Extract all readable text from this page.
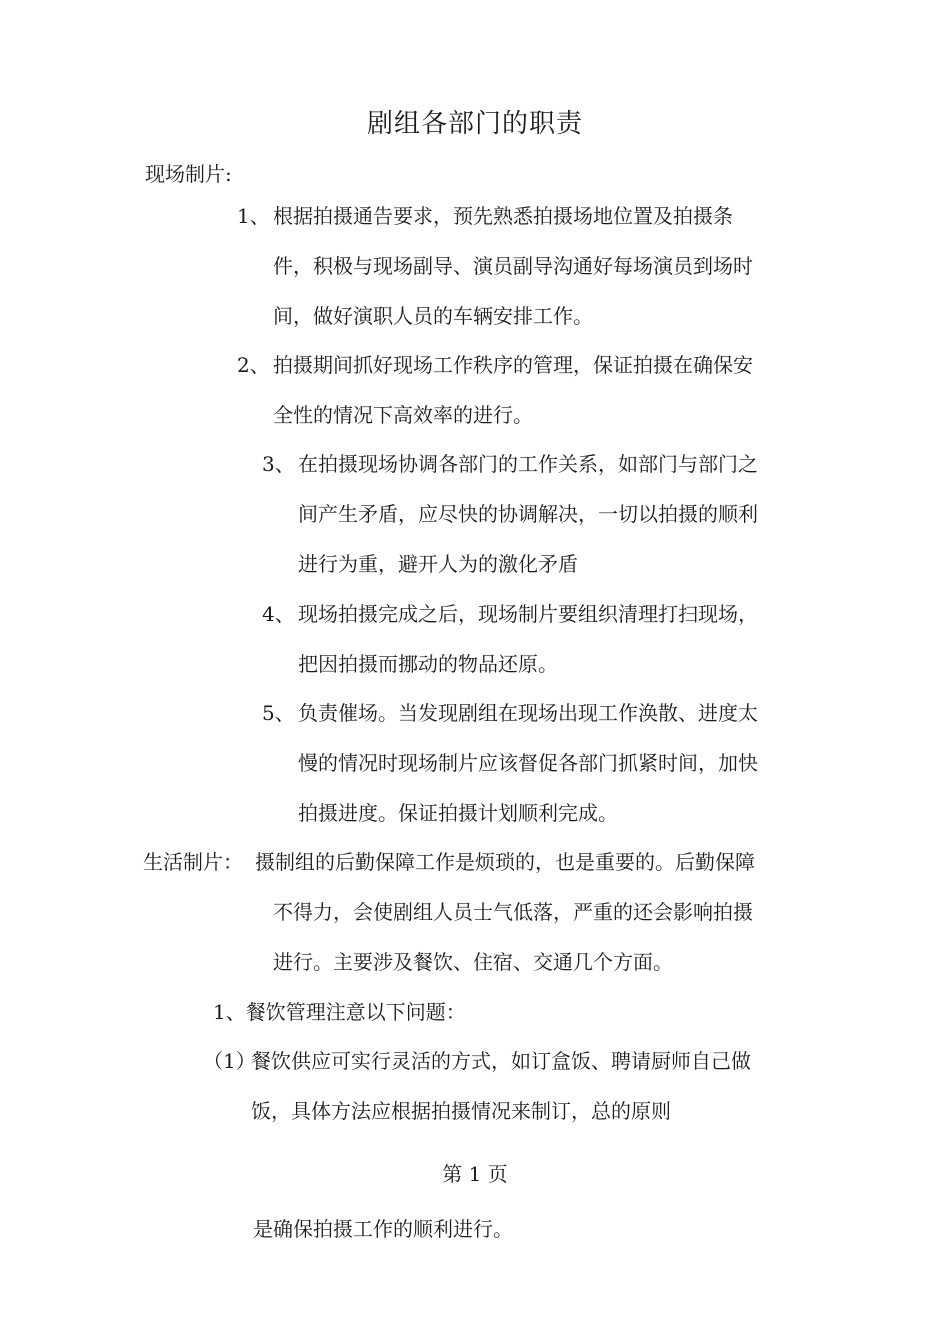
剧组各部门的职责
现场制片:
1、 根据拍摄通告要求，预先熟悉拍摄场地位置及拍摄条
件，积极与现场副导、演员副导沟通好每场演员到场时
间，做好演职人员的车辆安排工作。
2、 拍摄期间抓好现场工作秩序的管理，保证拍摄在确保安
全性的情况下高效率的进行。
3、 在拍摄现场协调各部门的工作关系，如部门与部门之
间产生矛盾，应尽快的协调解决，一切以拍摄的顺利
进行为重，避开人为的激化矛盾
4、 现场拍摄完成之后，现场制片要组织清理打扫现场，
把因拍摄而挪动的物品还原。
5、 负责催场。当发现剧组在现场出现工作涣散、进度太
慢的情况时现场制片应该督促各部门抓紧时间，加快
拍摄进度。保证拍摄计划顺利完成。
生活制片： 摄制组的后勤保障工作是烦琐的，也是重要的。后勤保障
不得力，会使剧组人员士气低落，严重的还会影响拍摄
进行。主要涉及餐饮、住宿、交通几个方面。
1、餐饮管理注意以下问题：
（1）
餐饮供应可实行灵活的方式，如订盒饭、聘请厨师自己做
饭，具体方法应根据拍摄情况来制订，总的原则
第 1 页
是确保拍摄工作的顺利进行。
